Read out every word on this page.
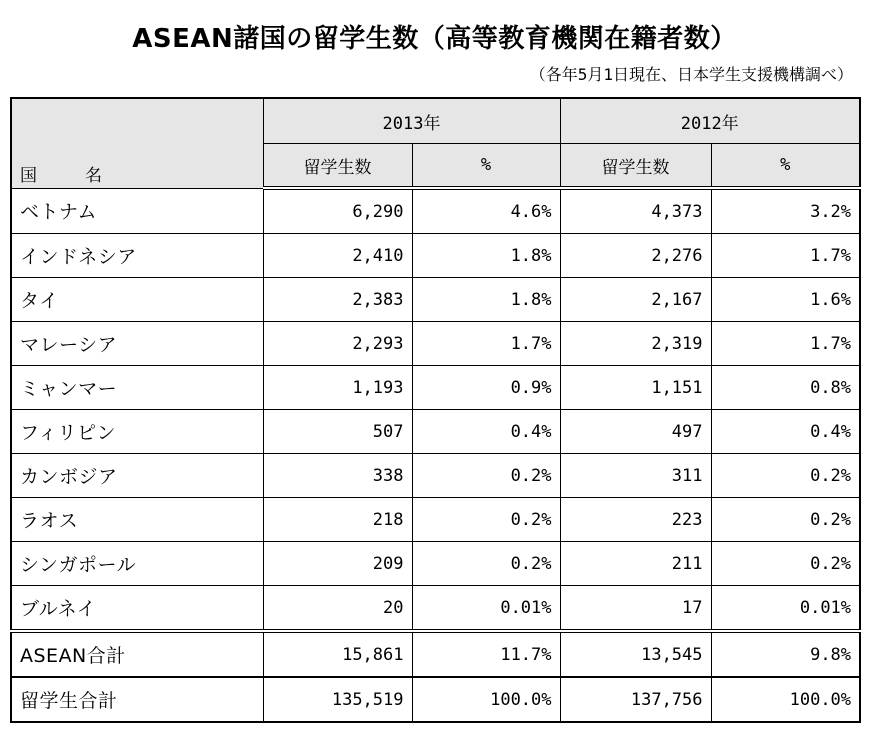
ASEAN諸国の留学生数（高等教育機関在籍者数）
（各年5月1日現在、日本学生支援機構調べ）
国 名	2013年		2012年	
	留学生数	%	留学生数	%
ベトナム	6,290	4.6%	4,373	3.2%
インドネシア	2,410	1.8%	2,276	1.7%
タイ	2,383	1.8%	2,167	1.6%
マレーシア	2,293	1.7%	2,319	1.7%
ミャンマー	1,193	0.9%	1,151	0.8%
フィリピン	507	0.4%	497	0.4%
カンボジア	338	0.2%	311	0.2%
ラオス	218	0.2%	223	0.2%
シンガポール	209	0.2%	211	0.2%
ブルネイ	20	0.01%	17	0.01%
ASEAN合計	15,861	11.7%	13,545	9.8%
留学生合計	135,519	100.0%	137,756	100.0%
